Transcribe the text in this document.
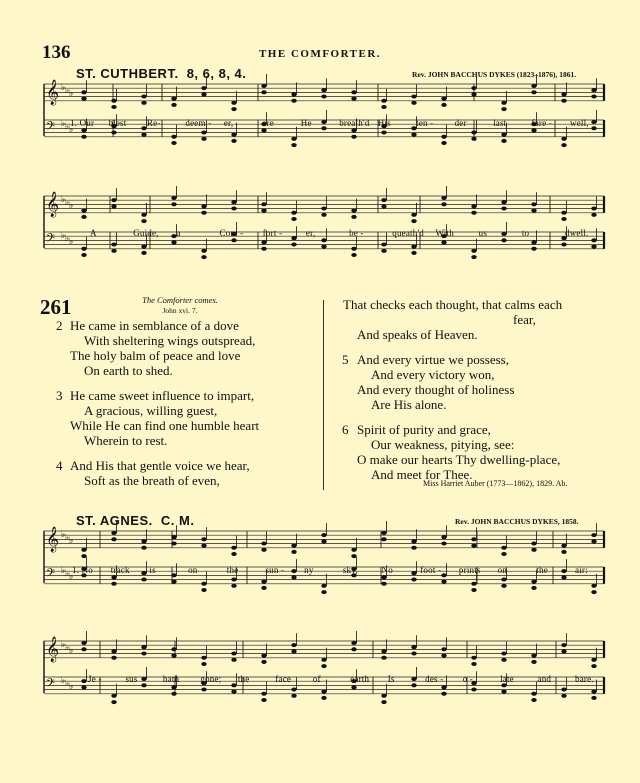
136	THE COMFORTER.
ST. CUTHBERT. 8, 6, 8, 4.	Rev. JOHN BACCHUS DYKES (1823–1876), 1861.
𝄞 ♭ ♭ ♭
𝄢 ♭ ♭ ♭
𝄞 ♭ ♭ ♭
𝄢 ♭ ♭ ♭
𝄞 ♭ ♭ ♭
𝄢 ♭ ♭ ♭
𝄞 ♭ ♭ ♭
𝄢 ♭ ♭ ♭
1. Our blest Re-	deem - er,	ere	He	breath'd His	ten - der	last	fare - well,
A	Guide, a	Com - fort -	er,	be -	queath'd With	us	to	dwell.
261	The Comforter comes.
John xvi. 7.
2 He came in semblance of a dove
With sheltering wings outspread,
The holy balm of peace and love
On earth to shed.
3 He came sweet influence to impart,
A gracious, willing guest,
While He can find one humble heart
Wherein to rest.
4 And His that gentle voice we hear,
Soft as the breath of even,
That checks each thought, that calms each
fear,
And speaks of Heaven.
5 And every virtue we possess,
And every victory won,
And every thought of holiness
Are His alone.
6 Spirit of purity and grace,
Our weakness, pitying, see:
O make our hearts Thy dwelling-place,
And meet for Thee.
Miss Harriet Auber (1773—1862), 1829. Ab.
ST. AGNES. C. M.	Rev. JOHN BACCHUS DYKES, 1858.
1. No track is	on	the	sun - ny	sky,	No	foot - prints on	the	air:
Je -	sus	hath gone; the	face of	earth Is	des - o -	late	and	bare.
